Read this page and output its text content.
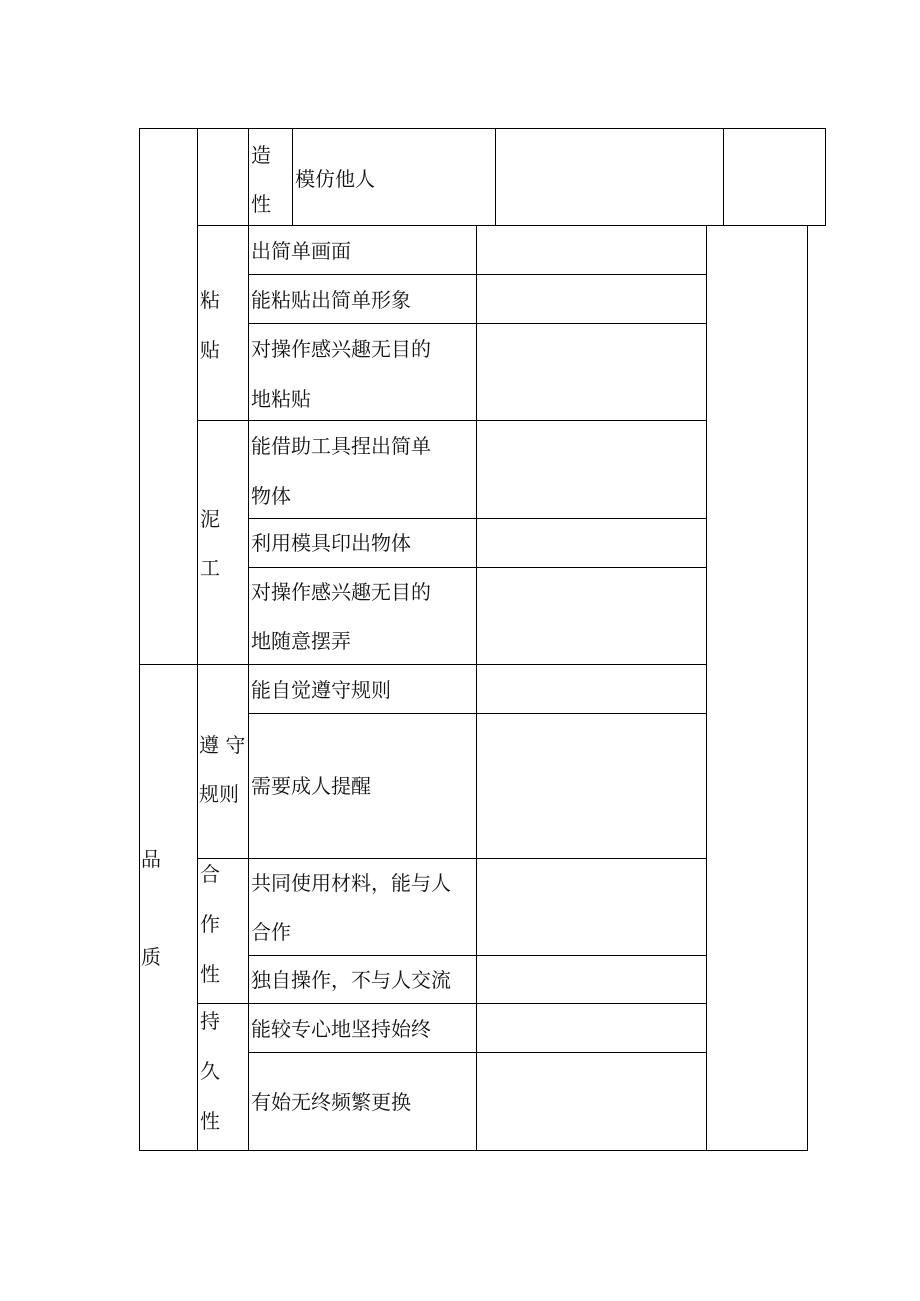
造
性
模仿他人
粘
贴
出简单画面
能粘贴出简单形象
对操作感兴趣无目的
地粘贴
泥
工
能借助工具捏出简单
物体
利用模具印出物体
对操作感兴趣无目的
地随意摆弄
品
质
遵 守
规则
能自觉遵守规则
需要成人提醒
合
作
性
共同使用材料，能与人
合作
独自操作，不与人交流
持
久
性
能较专心地坚持始终
有始无终频繁更换
